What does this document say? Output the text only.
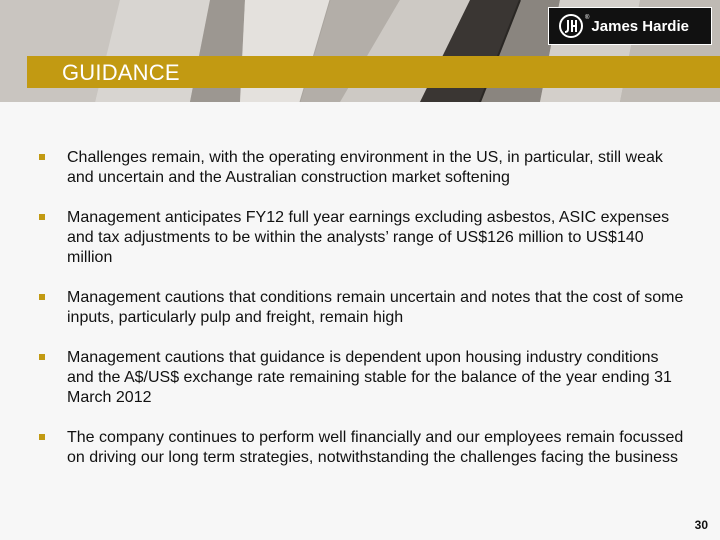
GUIDANCE
® James Hardie
Challenges remain, with the operating environment in the US, in particular, still weak and uncertain and the Australian construction market softening
Management anticipates FY12 full year earnings excluding asbestos, ASIC expenses and tax adjustments to be within the analysts’ range of US$126 million to US$140 million
Management cautions that conditions remain uncertain and notes that the cost of some inputs, particularly pulp and freight, remain high
Management cautions that guidance is dependent upon housing industry conditions and the A$/US$ exchange rate remaining stable for the balance of the year ending 31 March 2012
The company continues to perform well financially and our employees remain focussed on driving our long term strategies, notwithstanding the challenges facing the business
30
